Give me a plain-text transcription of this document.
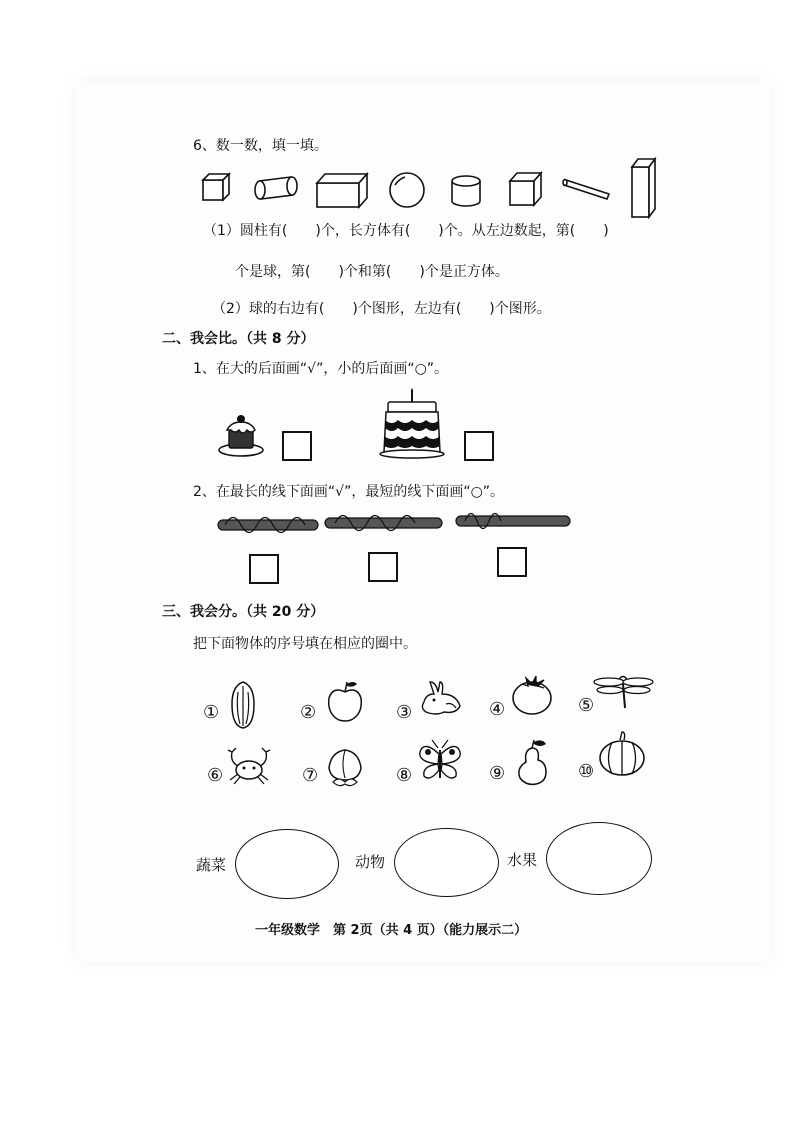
6、数一数，填一填。
（1）圆柱有(　　)个，长方体有(　　)个。从左边数起，第(　　)
个是球，第(　　)个和第(　　)个是正方体。
（2）球的右边有(　　)个图形，左边有(　　)个图形。
二、我会比。（共 8 分）
1、在大的后面画“√”，小的后面画“○”。
2、在最长的线下面画“√”，最短的线下面画“○”。
三、我会分。（共 20 分）
把下面物体的序号填在相应的圈中。
①	②	③	④	⑤
⑥	⑦	⑧	⑨	⑩
蔬菜	动物	水果
一年级数学　第 2页（共 4 页）（能力展示二）
